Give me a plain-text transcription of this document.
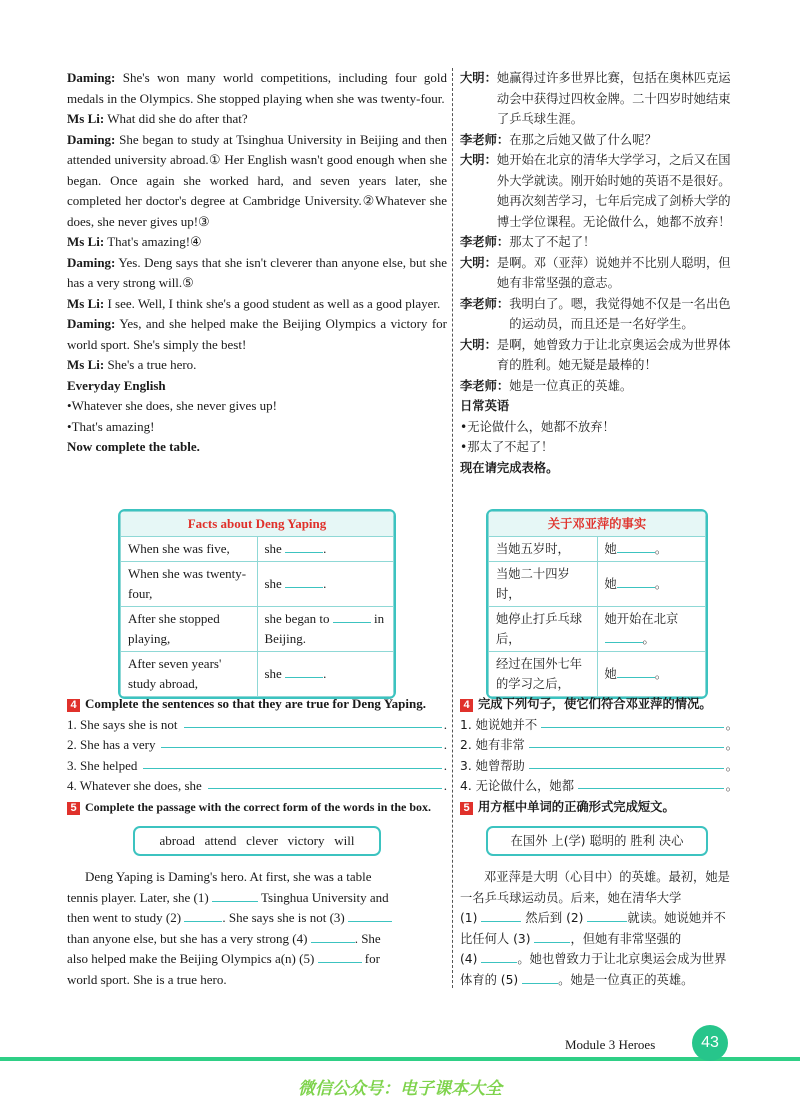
Daming: She's won many world competitions, including four gold medals in the Olympics. She stopped playing when she was twenty-four.
Ms Li: What did she do after that?
Daming: She began to study at Tsinghua University in Beijing and then attended university abroad.① Her English wasn't good enough when she began. Once again she worked hard, and seven years later, she completed her doctor's degree at Cambridge University.②Whatever she does, she never gives up!③
Ms Li: That's amazing!④
Daming: Yes. Deng says that she isn't cleverer than anyone else, but she has a very strong will.⑤
Ms Li: I see. Well, I think she's a good student as well as a good player.
Daming: Yes, and she helped make the Beijing Olympics a victory for world sport. She's simply the best!
Ms Li: She's a true hero.
Everyday English
• Whatever she does, she never gives up!
• That's amazing!
Now complete the table.
大明： 她赢得过许多世界比赛，包括在奥林匹克运动会中获得过四枚金牌。二十四岁时她结束了乒乓球生涯。
李老师： 在那之后她又做了什么呢？
大明： 她开始在北京的清华大学学习，之后又在国外大学就读。刚开始时她的英语不是很好。她再次刻苦学习，七年后完成了剑桥大学的博士学位课程。无论做什么，她都不放弃！
李老师： 那太了不起了！
大明： 是啊。邓（亚萍）说她并不比别人聪明，但她有非常坚强的意志。
李老师： 我明白了。嗯，我觉得她不仅是一名出色的运动员，而且还是一名好学生。
大明： 是啊，她曾致力于让北京奥运会成为世界体育的胜利。她无疑是最棒的！
李老师： 她是一位真正的英雄。
日常英语
• 无论做什么，她都不放弃！
• 那太了不起了！
现在请完成表格。
Facts about Deng Yaping	
When she was five,	she .
When she was twenty-four,	she .
After she stopped playing,	she began to in Beijing.
After seven years' study abroad,	she .
关于邓亚萍的事实	
当她五岁时，	她 。
当她二十四岁时，	她 。
她停止打乒乓球后，	她开始在北京。
经过在国外七年的学习之后，	她 。
4 Complete the sentences so that they are true for Deng Yaping.
1. She says she is not	.
2. She has a very	.
3. She helped	.
4. Whatever she does, she	.
5 Complete the passage with the correct form of the words in the box.
4 完成下列句子，使它们符合邓亚萍的情况。
1. 她说她并不	。
2. 她有非常	。
3. 她曾帮助	。
4. 无论做什么，她都	。
5 用方框中单词的正确形式完成短文。
abroad   attend   clever   victory   will	在国外 上(学) 聪明的 胜利 决心
Deng Yaping is Daming's hero. At first, she was a table
tennis player. Later, she (1)	Tsinghua University and
then went to study (2)	. She says she is not (3)
than anyone else, but she has a very strong (4)	. She
also helped make the Beijing Olympics a(n) (5)	for
world sport. She is a true hero.
邓亚萍是大明（心目中）的英雄。最初，她是一名乒乓球运动员。后来，她在清华大学
(1)	然后到 (2)	就读。她说她并不比任何人 (3)	，但她有非常坚强的
(4)	。她也曾致力于让北京奥运会成为世界体育的 (5)	。她是一位真正的英雄。
Module 3 Heroes	43
微信公众号：电子课本大全
